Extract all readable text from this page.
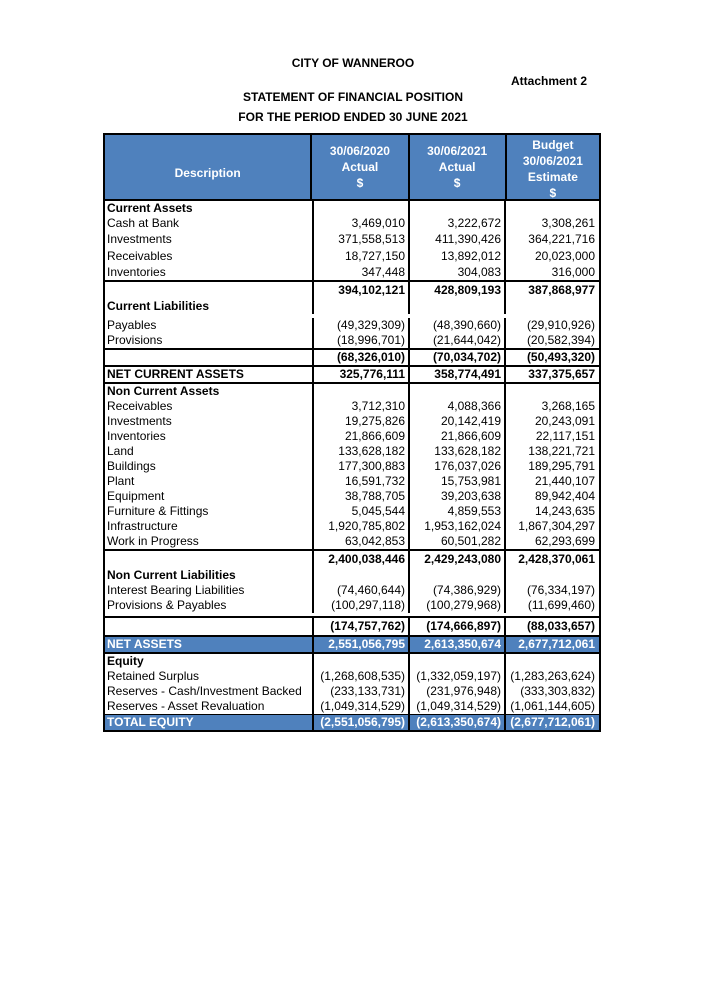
CITY OF WANNEROO
Attachment 2
STATEMENT OF FINANCIAL POSITION
FOR THE PERIOD ENDED 30 JUNE 2021
Description
30/06/2020
Actual
$
30/06/2021
Actual
$
Budget
30/06/2021
Estimate
$
Current Assets
Cash at Bank	3,469,010	3,222,672	3,308,261
Investments	371,558,513	411,390,426	364,221,716
Receivables	18,727,150	13,892,012	20,023,000
Inventories	347,448	304,083	316,000
394,102,121	428,809,193	387,868,977
Current Liabilities
Payables	(49,329,309)	(48,390,660)	(29,910,926)
Provisions	(18,996,701)	(21,644,042)	(20,582,394)
(68,326,010)	(70,034,702)	(50,493,320)
NET CURRENT ASSETS	325,776,111	358,774,491	337,375,657
Non Current Assets
Receivables	3,712,310	4,088,366	3,268,165
Investments	19,275,826	20,142,419	20,243,091
Inventories	21,866,609	21,866,609	22,117,151
Land	133,628,182	133,628,182	138,221,721
Buildings	177,300,883	176,037,026	189,295,791
Plant	16,591,732	15,753,981	21,440,107
Equipment	38,788,705	39,203,638	89,942,404
Furniture & Fittings	5,045,544	4,859,553	14,243,635
Infrastructure	1,920,785,802	1,953,162,024	1,867,304,297
Work in Progress	63,042,853	60,501,282	62,293,699
2,400,038,446	2,429,243,080	2,428,370,061
Non Current Liabilities
Interest Bearing Liabilities	(74,460,644)	(74,386,929)	(76,334,197)
Provisions & Payables	(100,297,118)	(100,279,968)	(11,699,460)
(174,757,762)	(174,666,897)	(88,033,657)
NET ASSETS	2,551,056,795	2,613,350,674	2,677,712,061
Equity
Retained Surplus	(1,268,608,535) (1,332,059,197) (1,283,263,624)
Reserves - Cash/Investment Backed	(233,133,731)	(231,976,948)	(333,303,832)
Reserves - Asset Revaluation	(1,049,314,529) (1,049,314,529) (1,061,144,605)
TOTAL EQUITY	(2,551,056,795) (2,613,350,674) (2,677,712,061)
